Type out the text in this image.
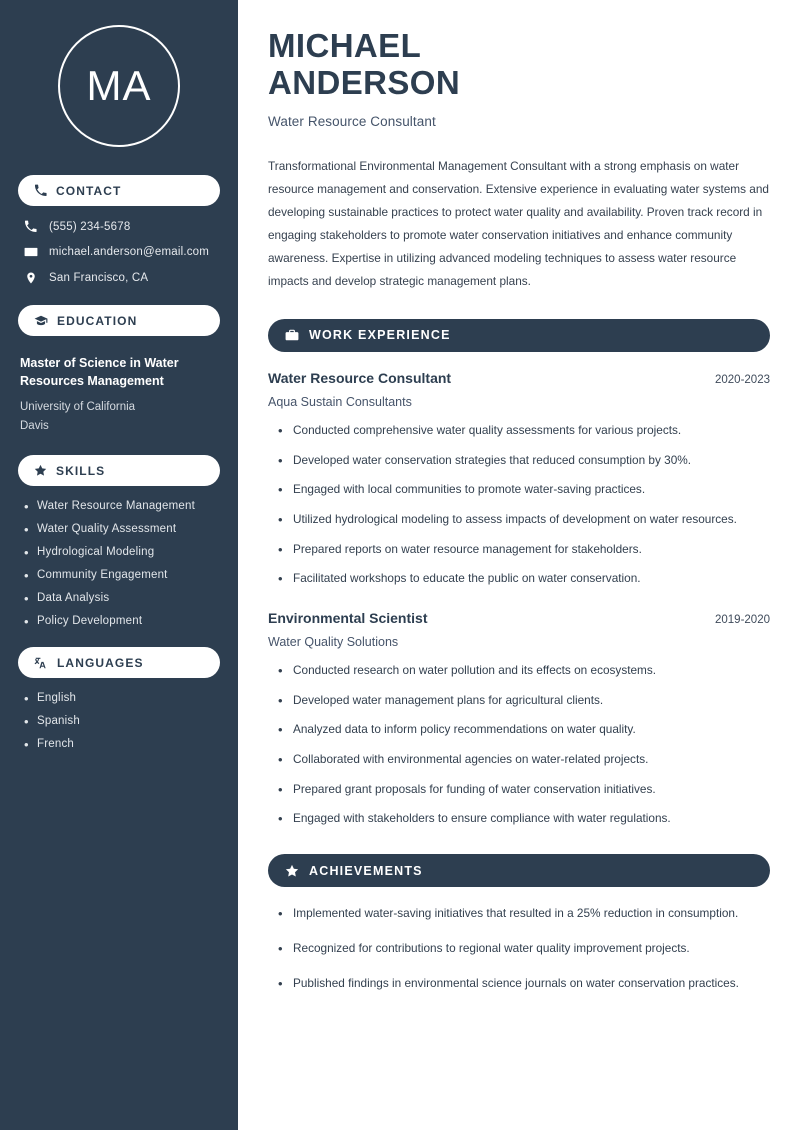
MA
CONTACT
(555) 234-5678
michael.anderson@email.com
San Francisco, CA
EDUCATION
Master of Science in Water Resources Management
University of California
Davis
SKILLS
• Water Resource Management
• Water Quality Assessment
• Hydrological Modeling
• Community Engagement
• Data Analysis
• Policy Development
LANGUAGES
• English
• Spanish
• French
MICHAEL
ANDERSON
Water Resource Consultant

Transformational Environmental Management Consultant with a strong emphasis on water resource management and conservation. Extensive experience in evaluating water systems and developing sustainable practices to protect water quality and availability. Proven track record in engaging stakeholders to promote water conservation initiatives and enhance community awareness. Expertise in utilizing advanced modeling techniques to assess water resource impacts and develop strategic management plans.

WORK EXPERIENCE
Water Resource Consultant	2020-2023
Aqua Sustain Consultants
• Conducted comprehensive water quality assessments for various projects.
• Developed water conservation strategies that reduced consumption by 30%.
• Engaged with local communities to promote water-saving practices.
• Utilized hydrological modeling to assess impacts of development on water resources.
• Prepared reports on water resource management for stakeholders.
• Facilitated workshops to educate the public on water conservation.
Environmental Scientist	2019-2020
Water Quality Solutions
• Conducted research on water pollution and its effects on ecosystems.
• Developed water management plans for agricultural clients.
• Analyzed data to inform policy recommendations on water quality.
• Collaborated with environmental agencies on water-related projects.
• Prepared grant proposals for funding of water conservation initiatives.
• Engaged with stakeholders to ensure compliance with water regulations.
ACHIEVEMENTS
• Implemented water-saving initiatives that resulted in a 25% reduction in consumption.
• Recognized for contributions to regional water quality improvement projects.
• Published findings in environmental science journals on water conservation practices.
